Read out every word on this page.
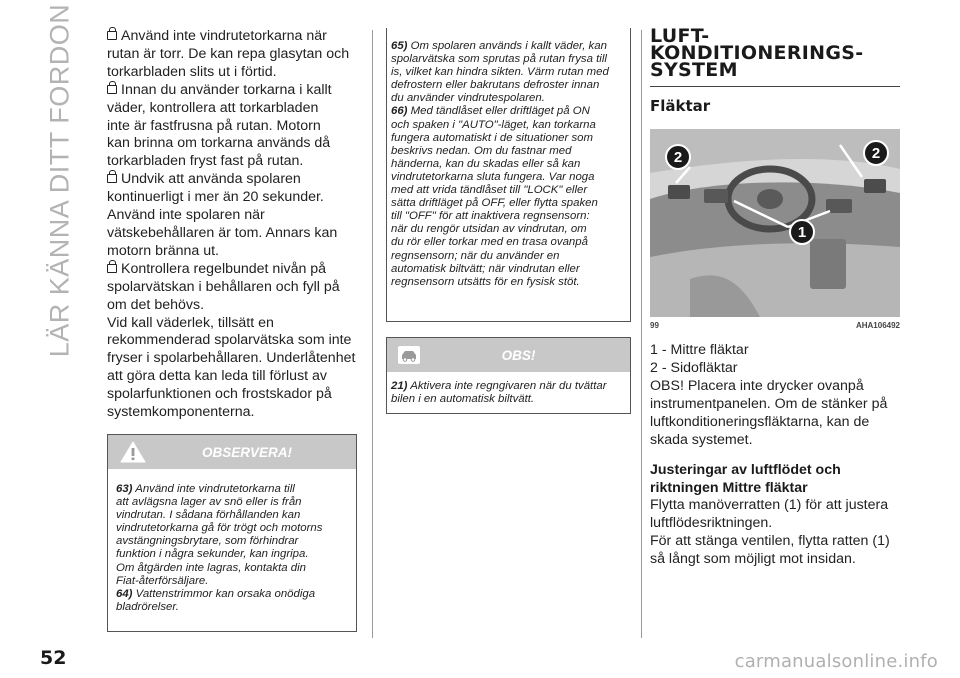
LÄR KÄNNA DITT FORDON	Använd inte vindrutetorkarna när
rutan är torr. De kan repa glasytan och
torkarbladen slits ut i förtid.
Innan du använder torkarna i kallt
väder, kontrollera att torkarbladen
inte är fastfrusna på rutan. Motorn
kan brinna om torkarna används då
torkarbladen fryst fast på rutan.
Undvik att använda spolaren
kontinuerligt i mer än 20 sekunder.
Använd inte spolaren när
vätskebehållaren är tom. Annars kan
motorn bränna ut.
Kontrollera regelbundet nivån på
spolarvätskan i behållaren och fyll på
om det behövs.
Vid kall väderlek, tillsätt en
rekommenderad spolarvätska som inte
fryser i spolarbehållaren. Underlåtenhet
att göra detta kan leda till förlust av
spolarfunktionen och frostskador på
systemkomponenterna.

OBSERVERA!

63) Använd inte vindrutetorkarna till
att avlägsna lager av snö eller is från
vindrutan. I sådana förhållanden kan
vindrutetorkarna gå för trögt och motorns
avstängningsbrytare, som förhindrar
funktion i några sekunder, kan ingripa.
Om åtgärden inte lagras, kontakta din
Fiat-återförsäljare.
64) Vattenstrimmor kan orsaka onödiga
bladrörelser.

65) Om spolaren används i kallt väder, kan
spolarvätska som sprutas på rutan frysa till
is, vilket kan hindra sikten. Värm rutan med
defrostern eller bakrutans defroster innan
du använder vindrutespolaren.
66) Med tändlåset eller driftläget på ON
och spaken i "AUTO"-läget, kan torkarna
fungera automatiskt i de situationer som
beskrivs nedan. Om du fastnar med
händerna, kan du skadas eller så kan
vindrutetorkarna sluta fungera. Var noga
med att vrida tändlåset till "LOCK" eller
sätta driftläget på OFF, eller flytta spaken
till "OFF" för att inaktivera regnsensorn:
när du rengör utsidan av vindrutan, om
du rör eller torkar med en trasa ovanpå
regnsensorn; när du använder en
automatisk biltvätt; när vindrutan eller
regnsensorn utsätts för en fysisk stöt.

OBS!

21) Aktivera inte regngivaren när du tvättar
bilen i en automatisk biltvätt.

LUFT-
KONDITIONERINGS-
SYSTEM
Fläktar
2	2
1
99	AHA106492

1 - Mittre fläktar
2 - Sidofläktar
OBS! Placera inte drycker ovanpå
instrumentpanelen. Om de stänker på
luftkonditioneringsfläktarna, kan de
skada systemet.

Justeringar av luftflödet och
riktningen Mittre fläktar

Flytta manöverratten (1) för att justera
luftflödesriktningen.
För att stänga ventilen, flytta ratten (1)
så långt som möjligt mot insidan.

52	carmanualsonline.info
